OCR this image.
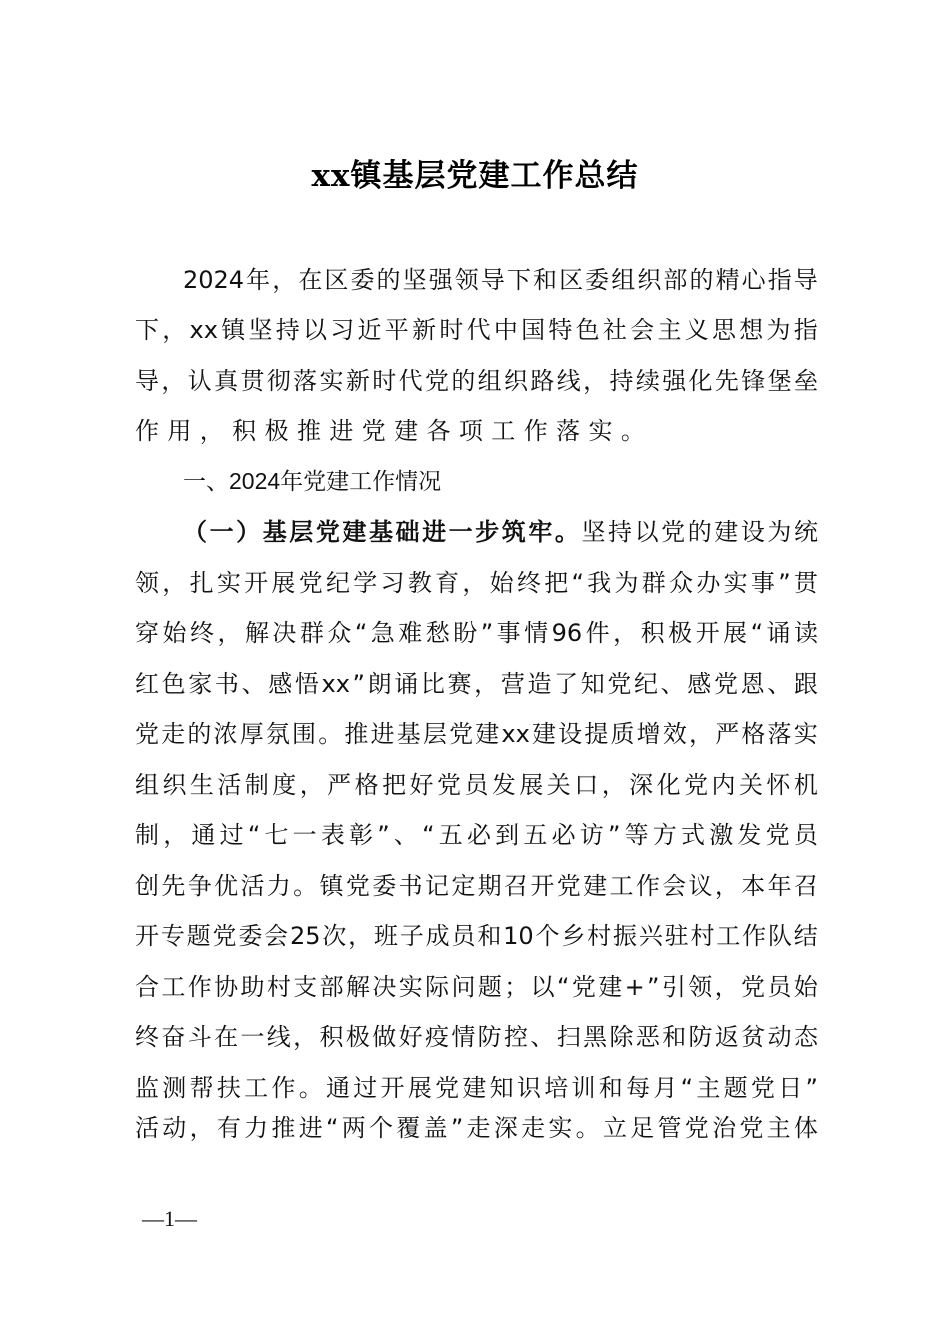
xx镇基层党建工作总结
2024 年 ， 在 区 委 的 坚 强 领 导 下 和 区 委 组 织 部 的 精 心 指 导
下 ， xx 镇 坚 持 以 习 近 平 新 时 代 中 国 特 色 社 会 主 义 思 想 为 指
导 ， 认 真 贯 彻 落 实 新 时 代 党 的 组 织 路 线 ， 持 续 强 化 先 锋 堡 垒
作 用 ， 积 极 推 进 党 建 各 项 工 作 落 实 。
一、2024年党建工作情况
（ 一 ） 基 层 党 建 基 础 进 一 步 筑 牢 。 坚 持 以 党 的 建 设 为 统
领 ， 扎 实 开 展 党 纪 学 习 教 育 ， 始 终 把 “ 我 为 群 众 办 实 事 ” 贯
穿 始 终 ， 解 决 群 众 “ 急 难 愁 盼 ” 事 情 96 件 ， 积 极 开 展 “ 诵 读
红 色 家 书 、 感 悟 xx ” 朗 诵 比 赛 ， 营 造 了 知 党 纪 、 感 党 恩 、 跟
党 走 的 浓 厚 氛 围 。 推 进 基 层 党 建 xx 建 设 提 质 增 效 ， 严 格 落 实
组 织 生 活 制 度 ， 严 格 把 好 党 员 发 展 关 口 ， 深 化 党 内 关 怀 机
制 ， 通 过 “ 七 一 表 彰 ” 、 “ 五 必 到 五 必 访 ” 等 方 式 激 发 党 员
创 先 争 优 活 力 。 镇 党 委 书 记 定 期 召 开 党 建 工 作 会 议 ， 本 年 召
开 专 题 党 委 会 25 次 ， 班 子 成 员 和 10 个 乡 村 振 兴 驻 村 工 作 队 结
合 工 作 协 助 村 支 部 解 决 实 际 问 题 ； 以 “ 党 建 + ” 引 领 ， 党 员 始
终 奋 斗 在 一 线 ， 积 极 做 好 疫 情 防 控 、 扫 黑 除 恶 和 防 返 贫 动 态
监 测 帮 扶 工 作 。 通 过 开 展 党 建 知 识 培 训 和 每 月 “ 主 题 党 日 ”
活 动 ， 有 力 推 进 “ 两 个 覆 盖 ” 走 深 走 实 。 立 足 管 党 治 党 主 体
—1—
